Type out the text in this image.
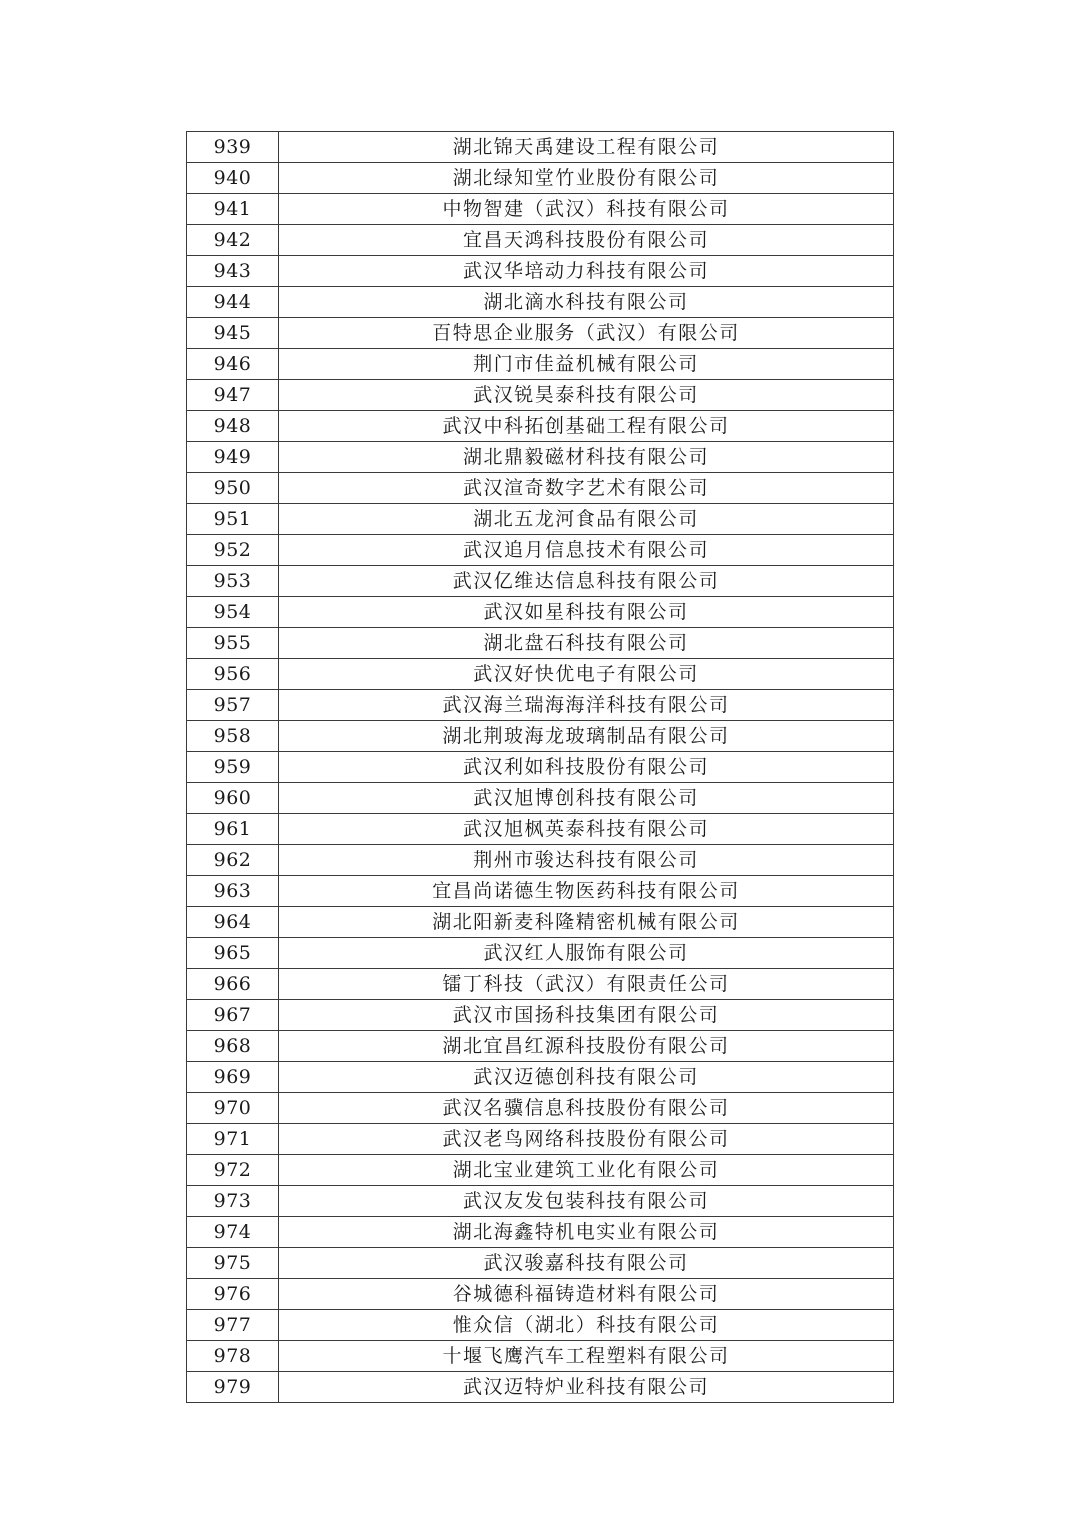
939	湖北锦天禹建设工程有限公司
940	湖北绿知堂竹业股份有限公司
941	中物智建（武汉）科技有限公司
942	宜昌天鸿科技股份有限公司
943	武汉华培动力科技有限公司
944	湖北滴水科技有限公司
945	百特思企业服务（武汉）有限公司
946	荆门市佳益机械有限公司
947	武汉锐昊泰科技有限公司
948	武汉中科拓创基础工程有限公司
949	湖北鼎毅磁材科技有限公司
950	武汉渲奇数字艺术有限公司
951	湖北五龙河食品有限公司
952	武汉追月信息技术有限公司
953	武汉亿维达信息科技有限公司
954	武汉如星科技有限公司
955	湖北盘石科技有限公司
956	武汉好快优电子有限公司
957	武汉海兰瑞海海洋科技有限公司
958	湖北荆玻海龙玻璃制品有限公司
959	武汉利如科技股份有限公司
960	武汉旭博创科技有限公司
961	武汉旭枫英泰科技有限公司
962	荆州市骏达科技有限公司
963	宜昌尚诺德生物医药科技有限公司
964	湖北阳新麦科隆精密机械有限公司
965	武汉红人服饰有限公司
966	镭丁科技（武汉）有限责任公司
967	武汉市国扬科技集团有限公司
968	湖北宜昌红源科技股份有限公司
969	武汉迈德创科技有限公司
970	武汉名骥信息科技股份有限公司
971	武汉老鸟网络科技股份有限公司
972	湖北宝业建筑工业化有限公司
973	武汉友发包装科技有限公司
974	湖北海鑫特机电实业有限公司
975	武汉骏嘉科技有限公司
976	谷城德科福铸造材料有限公司
977	惟众信（湖北）科技有限公司
978	十堰飞鹰汽车工程塑料有限公司
979	武汉迈特炉业科技有限公司
